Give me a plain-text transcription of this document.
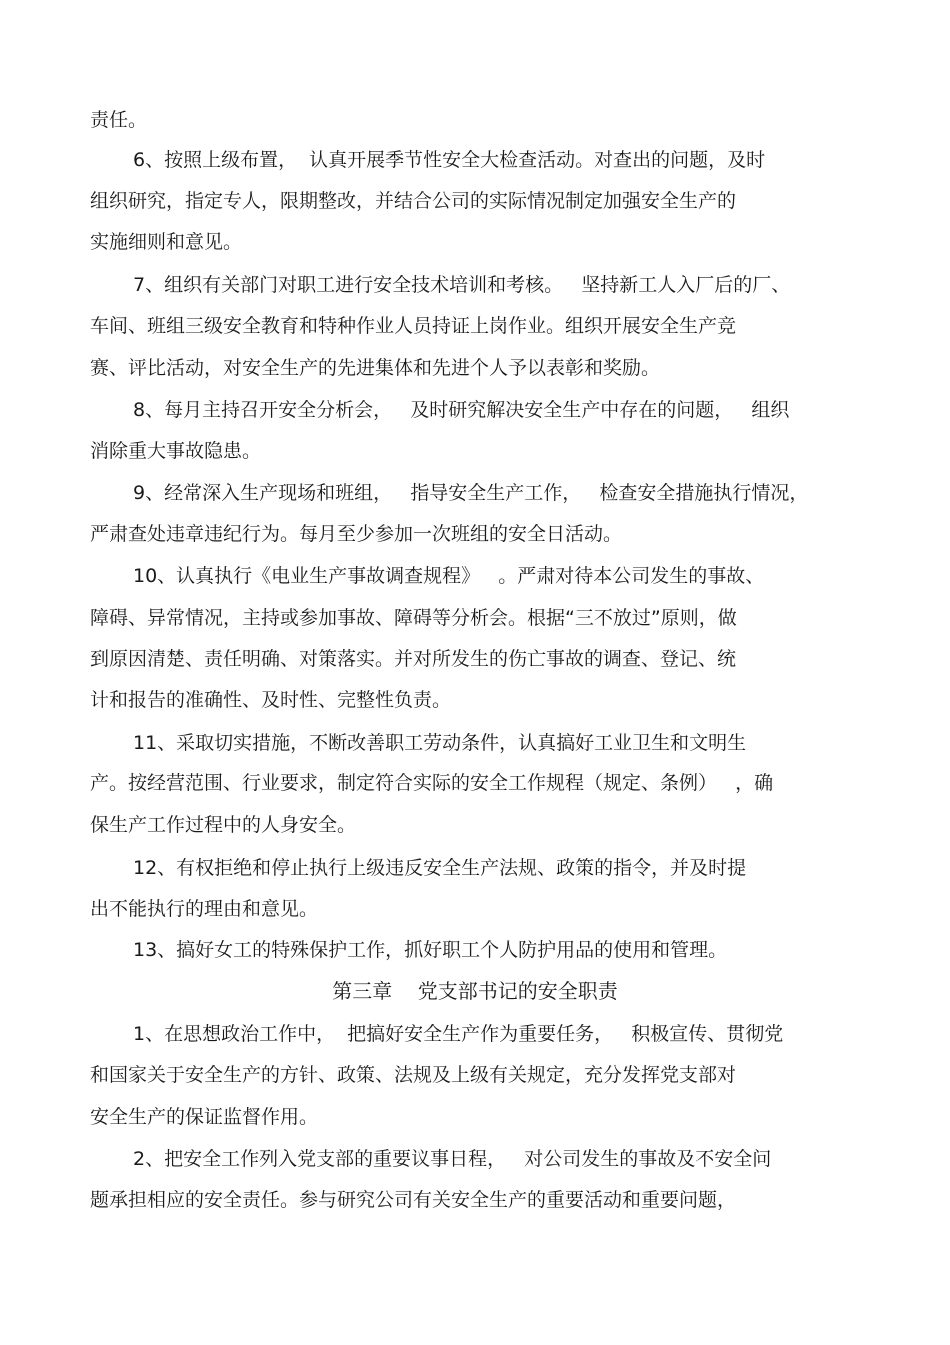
责任。
6、按照上级布置，  认真开展季节性安全大检查活动。对查出的问题，及时
组织研究，指定专人，限期整改，并结合公司的实际情况制定加强安全生产的
实施细则和意见。
7、组织有关部门对职工进行安全技术培训和考核。   坚持新工人入厂后的厂、
车间、班组三级安全教育和特种作业人员持证上岗作业。组织开展安全生产竞
赛、评比活动，对安全生产的先进集体和先进个人予以表彰和奖励。
8、每月主持召开安全分析会，   及时研究解决安全生产中存在的问题，   组织
消除重大事故隐患。
9、经常深入生产现场和班组，   指导安全生产工作，   检查安全措施执行情况，
严肃查处违章违纪行为。每月至少参加一次班组的安全日活动。
10、认真执行《电业生产事故调查规程》   。严肃对待本公司发生的事故、
障碍、异常情况，主持或参加事故、障碍等分析会。根据“三不放过”原则，做
到原因清楚、责任明确、对策落实。并对所发生的伤亡事故的调查、登记、统
计和报告的准确性、及时性、完整性负责。
11、采取切实措施，不断改善职工劳动条件，认真搞好工业卫生和文明生
产。按经营范围、行业要求，制定符合实际的安全工作规程（规定、条例）   ，确
保生产工作过程中的人身安全。
12、有权拒绝和停止执行上级违反安全生产法规、政策的指令，并及时提
出不能执行的理由和意见。
13、搞好女工的特殊保护工作，抓好职工个人防护用品的使用和管理。
第三章    党支部书记的安全职责
1、在思想政治工作中，  把搞好安全生产作为重要任务，   积极宣传、贯彻党
和国家关于安全生产的方针、政策、法规及上级有关规定，充分发挥党支部对
安全生产的保证监督作用。
2、把安全工作列入党支部的重要议事日程，   对公司发生的事故及不安全问
题承担相应的安全责任。参与研究公司有关安全生产的重要活动和重要问题，
